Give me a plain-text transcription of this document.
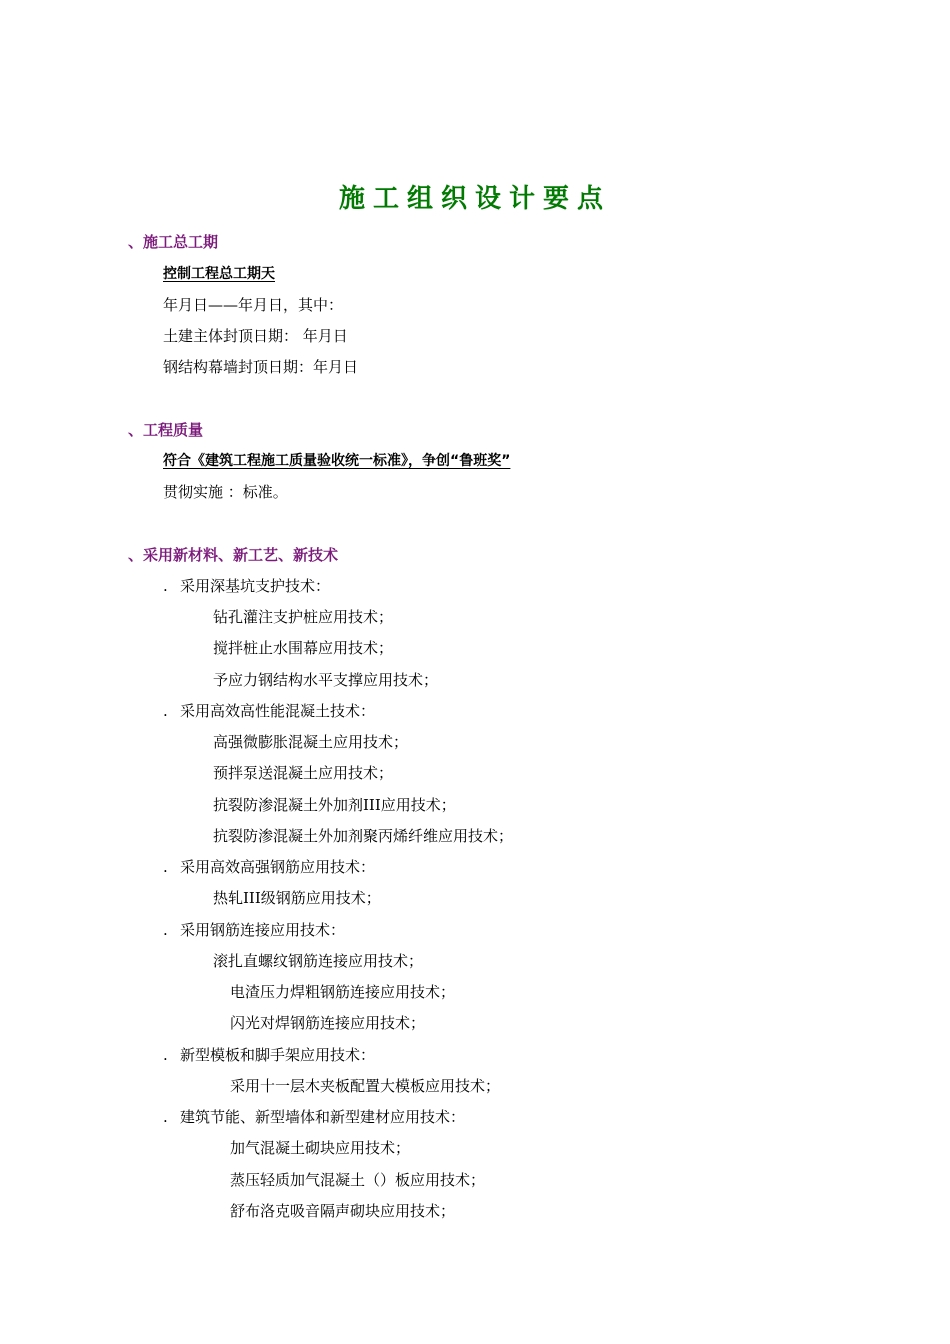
施工组织设计要点
、施工总工期
控制工程总工期天
年月日——年月日，其中：
土建主体封顶日期： 年月日
钢结构幕墙封顶日期：年月日
、工程质量
符合《建筑工程施工质量验收统一标准》，争创“鲁班奖”
贯彻实施 ：标准。
、采用新材料、新工艺、新技术
. 采用深基坑支护技术：
钻孔灌注支护桩应用技术；
搅拌桩止水围幕应用技术；
予应力钢结构水平支撑应用技术；
. 采用高效高性能混凝土技术：
高强微膨胀混凝土应用技术；
预拌泵送混凝土应用技术；
抗裂防渗混凝土外加剂III应用技术；
抗裂防渗混凝土外加剂聚丙烯纤维应用技术；
. 采用高效高强钢筋应用技术：
热轧III级钢筋应用技术；
. 采用钢筋连接应用技术：
滚扎直螺纹钢筋连接应用技术；
电渣压力焊粗钢筋连接应用技术；
闪光对焊钢筋连接应用技术；
. 新型模板和脚手架应用技术：
采用十一层木夹板配置大模板应用技术；
. 建筑节能、新型墙体和新型建材应用技术：
加气混凝土砌块应用技术；
蒸压轻质加气混凝土（）板应用技术；
舒布洛克吸音隔声砌块应用技术；
